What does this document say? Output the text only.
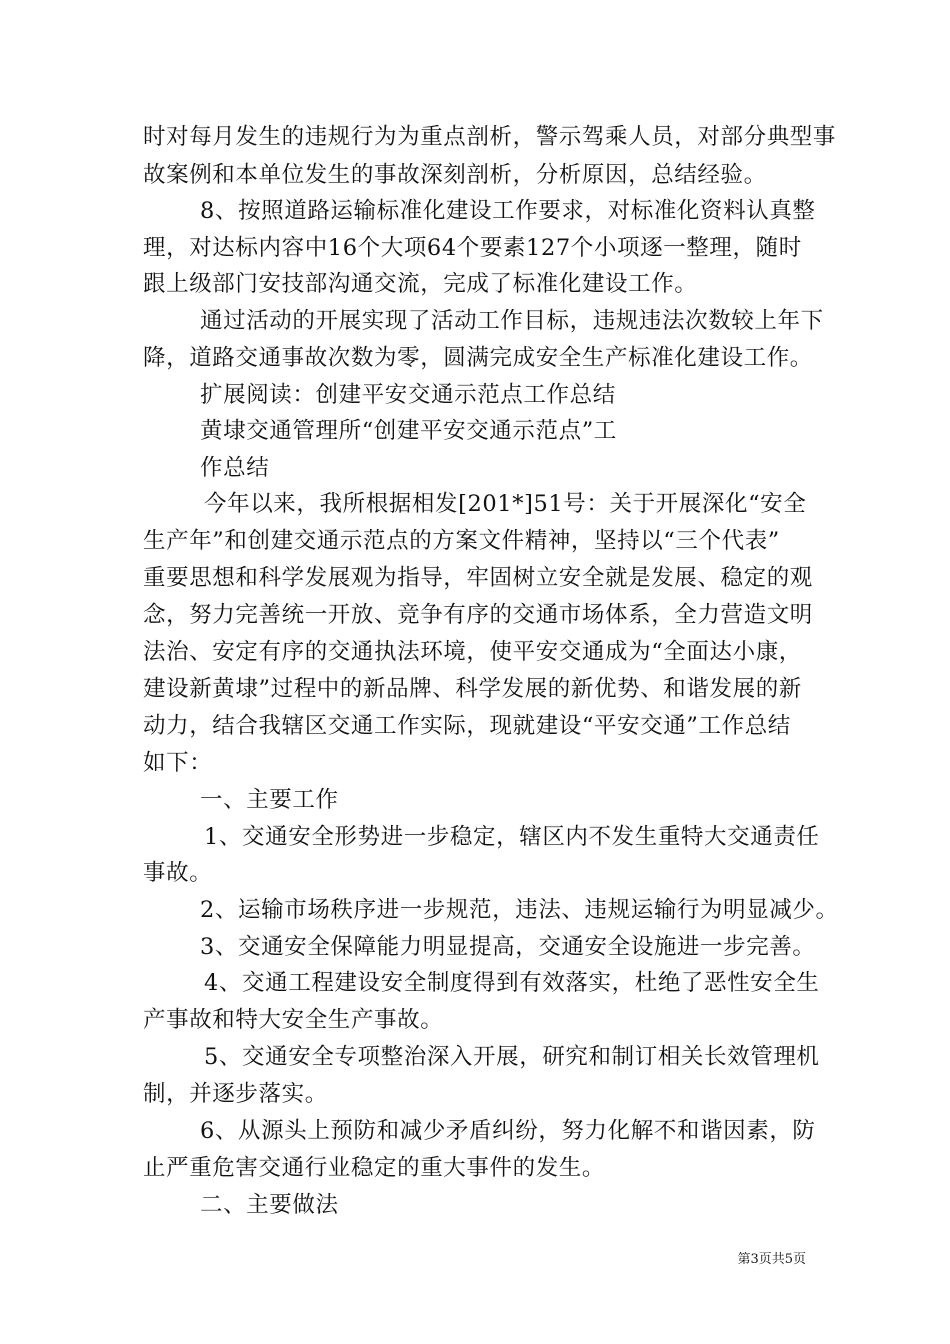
时对每月发生的违规行为为重点剖析，警示驾乘人员，对部分典型事
故案例和本单位发生的事故深刻剖析，分析原因，总结经验。
8、按照道路运输标准化建设工作要求，对标准化资料认真整
理，对达标内容中16个大项64个要素127个小项逐一整理，随时
跟上级部门安技部沟通交流，完成了标准化建设工作。
通过活动的开展实现了活动工作目标，违规违法次数较上年下
降，道路交通事故次数为零，圆满完成安全生产标准化建设工作。
扩展阅读：创建平安交通示范点工作总结
黄埭交通管理所“创建平安交通示范点”工
作总结
今年以来，我所根据相发[201*]51号：关于开展深化“安全
生产年”和创建交通示范点的方案文件精神，坚持以“三个代表”
重要思想和科学发展观为指导，牢固树立安全就是发展、稳定的观
念，努力完善统一开放、竞争有序的交通市场体系，全力营造文明
法治、安定有序的交通执法环境，使平安交通成为“全面达小康，
建设新黄埭”过程中的新品牌、科学发展的新优势、和谐发展的新
动力，结合我辖区交通工作实际，现就建设“平安交通”工作总结
如下：
一、主要工作
1、交通安全形势进一步稳定，辖区内不发生重特大交通责任
事故。
2、运输市场秩序进一步规范，违法、违规运输行为明显减少。
3、交通安全保障能力明显提高，交通安全设施进一步完善。
4、交通工程建设安全制度得到有效落实，杜绝了恶性安全生
产事故和特大安全生产事故。
5、交通安全专项整治深入开展，研究和制订相关长效管理机
制，并逐步落实。
6、从源头上预防和减少矛盾纠纷，努力化解不和谐因素，防
止严重危害交通行业稳定的重大事件的发生。
二、主要做法
第3页共5页
